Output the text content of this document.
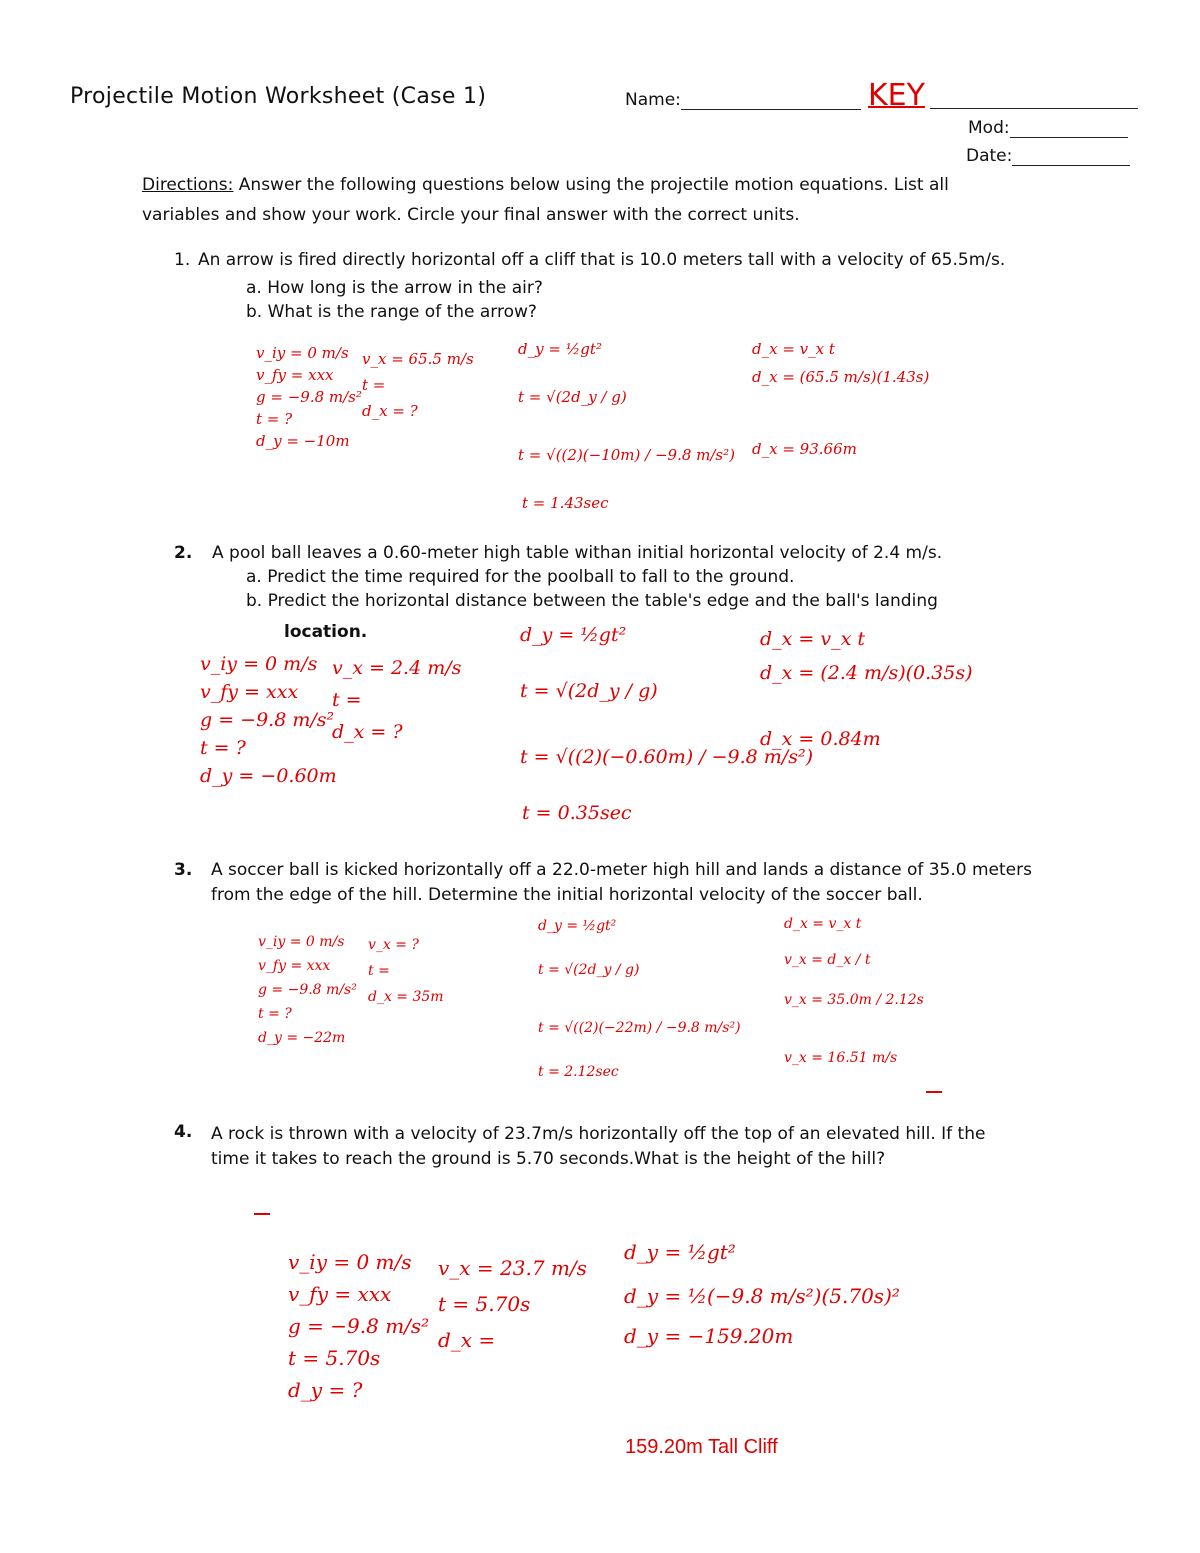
Projectile Motion Worksheet (Case 1)	Name:	KEY
Mod:
Date:
Directions: Answer the following questions below using the projectile motion equations. List all
variables and show your work. Circle your final answer with the correct units.
1. An arrow is fired directly horizontal off a cliff that is 10.0 meters tall with a velocity of 65.5m/s.
a. How long is the arrow in the air?
b. What is the range of the arrow?
v_iy = 0 m/s
v_fy = xxx
g = −9.8 m/s²
t = ?
d_y = −10m
v_x = 65.5 m/s
t =
d_x = ?
d_y = ½gt²
t = √(2d_y / g)
t = √((2)(−10m) / −9.8 m/s²)
t = 1.43sec
d_x = v_x t
d_x = (65.5 m/s)(1.43s)
d_x = 93.66m
2. A pool ball leaves a 0.60-meter high table withan initial horizontal velocity of 2.4 m/s.
a. Predict the time required for the poolball to fall to the ground.
b. Predict the horizontal distance between the table's edge and the ball's landing
location.
v_iy = 0 m/s
v_fy = xxx
g = −9.8 m/s²
t = ?
d_y = −0.60m
v_x = 2.4 m/s
t =
d_x = ?
d_y = ½gt²
t = √(2d_y / g)
t = √((2)(−0.60m) / −9.8 m/s²)
t = 0.35sec
d_x = v_x t
d_x = (2.4 m/s)(0.35s)
d_x = 0.84m
3. A soccer ball is kicked horizontally off a 22.0-meter high hill and lands a distance of 35.0 meters
from the edge of the hill. Determine the initial horizontal velocity of the soccer ball.
v_iy = 0 m/s
v_fy = xxx
g = −9.8 m/s²
t = ?
d_y = −22m
v_x = ?
t =
d_x = 35m
d_y = ½gt²
t = √(2d_y / g)
t = √((2)(−22m) / −9.8 m/s²)
t = 2.12sec
d_x = v_x t
v_x = d_x / t
v_x = 35.0m / 2.12s
v_x = 16.51 m/s
4. A rock is thrown with a velocity of 23.7m/s horizontally off the top of an elevated hill. If the
time it takes to reach the ground is 5.70 seconds.What is the height of the hill?
v_iy = 0 m/s
v_fy = xxx
g = −9.8 m/s²
t = 5.70s
d_y = ?
v_x = 23.7 m/s
t = 5.70s
d_x =
d_y = ½gt²
d_y = ½(−9.8 m/s²)(5.70s)²
d_y = −159.20m
159.20m Tall Cliff
